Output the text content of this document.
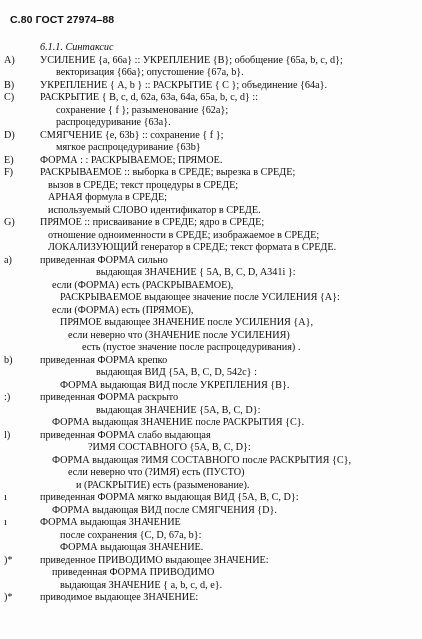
С.80 ГОСТ 27974–88
6.1.1. Синтаксис
А) УСИЛЕНИЕ {a, 66a} :: УКРЕПЛЕНИЕ {B}; обобщение {65a, b, c, d};
векторизация {66a}; опустошение {67a, b}.
В)	УКРЕПЛЕНИЕ { A, b } :: РАСКРЫТИЕ { C }; объединение {64a}.
С)	РАСКРЫТИЕ { B, c, d, 62a, 63a, 64a, 65a, b, c, d} ::
сохранение { f }; разыменование {62a};
распроцедуривание {63a}.
D) СМЯГЧЕНИЕ {e, 63b} :: сохранение { f };
мягкое распроцедуривание {63b}
Е)	ФОРМА : : РАСКРЫВАЕМОЕ; ПРЯМОЕ.
F)	РАСКРЫВАЕМОЕ :: выборка в СРЕДЕ; вырезка в СРЕДЕ;
вызов в СРЕДЕ; текст процедуры в СРЕДЕ;
АРНАЯ формула в СРЕДЕ;
используемый СЛОВО идентификатор в СРЕДЕ.
G) ПРЯМОЕ :: присваивание в СРЕДЕ; ядро в СРЕДЕ;
отношение одноименности в СРЕДЕ; изображаемое в СРЕДЕ;
ЛОКАЛИЗУЮЩИЙ генератор в СРЕДЕ; текст формата в СРЕДЕ.
а)	приведенная ФОРМА сильно
выдающая ЗНАЧЕНИЕ { 5A, B, C, D, A341i }:
если (ФОРМА) есть (РАСКРЫВАЕМОЕ),
РАСКРЫВАЕМОЕ выдающее значение после УСИЛЕНИЯ {A}:
если (ФОРМА) есть (ПРЯМОЕ),
ПРЯМОЕ выдающее ЗНАЧЕНИЕ после УСИЛЕНИЯ {A},
если неверно что (ЗНАЧЕНИЕ после УСИЛЕНИЯ)
есть (пустое значение после распроцедуривания) .
b)	приведенная ФОРМА крепко
выдающая ВИД {5A, B, C, D, 542c} :
ФОРМА выдающая ВИД после УКРЕПЛЕНИЯ {B}.
:)	приведенная ФОРМА раскрыто
выдающая ЗНАЧЕНИЕ {5A, B, C, D}:
ФОРМА выдающая ЗНАЧЕНИЕ после РАСКРЫТИЯ {C}.
l)	приведенная ФОРМА слабо выдающая
?ИМЯ СОСТАВНОГО {5A, B, C, D}:
ФОРМА выдающая ?ИМЯ СОСТАВНОГО после РАСКРЫТИЯ {C},
если неверно что (?ИМЯ) есть (ПУСТО)
и (РАСКРЫТИЕ) есть (разыменование).
ı	приведенная ФОРМА мягко выдающая ВИД {5A, B, C, D}:
ФОРМА выдающая ВИД после СМЯГЧЕНИЯ {D}.
ı	ФОРМА выдающая ЗНАЧЕНИЕ
после сохранения {C, D, 67a, b}:
ФОРМА выдающая ЗНАЧЕНИЕ.
)*	приведенное ПРИВОДИМО выдающее ЗНАЧЕНИЕ:
приведенная ФОРМА ПРИВОДИМО
выдающая ЗНАЧЕНИЕ { a, b, c, d, e}.
)*	приводимое выдающее ЗНАЧЕНИЕ:
